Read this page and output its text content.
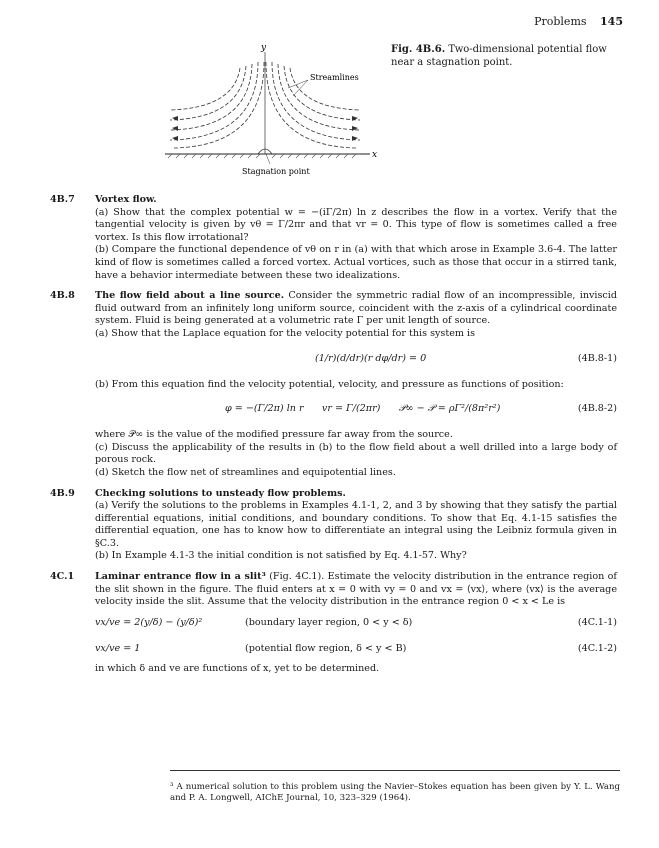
Problems 145
y
x
Streamlines
Stagnation point
Fig. 4B.6. Two-dimensional potential flow near a stagnation point.
4B.7 Vortex flow.

(a) Show that the complex potential w = −(iΓ/2π) ln z describes the flow in a vortex. Verify that the tangential velocity is given by vθ = Γ/2πr and that vr = 0. This type of flow is sometimes called a free vortex. Is this flow irrotational?

(b) Compare the functional dependence of vθ on r in (a) with that which arose in Example 3.6-4. The latter kind of flow is sometimes called a forced vortex. Actual vortices, such as those that occur in a stirred tank, have a behavior intermediate between these two idealizations.

4B.8 The flow field about a line source. Consider the symmetric radial flow of an incompressible, inviscid fluid outward from an infinitely long uniform source, coincident with the z-axis of a cylindrical coordinate system. Fluid is being generated at a volumetric rate Γ per unit length of source.

(a) Show that the Laplace equation for the velocity potential for this system is

(1/r)(d/dr)(r dφ/dr) = 0	(4B.8-1)

(b) From this equation find the velocity potential, velocity, and pressure as functions of position:

φ = −(Γ/2π) ln r      vr = Γ/(2πr)      𝒫∞ − 𝒫 = ρΓ²/(8π²r²)	(4B.8-2)

where 𝒫∞ is the value of the modified pressure far away from the source.

(c) Discuss the applicability of the results in (b) to the flow field about a well drilled into a large body of porous rock.

(d) Sketch the flow net of streamlines and equipotential lines.

4B.9 Checking solutions to unsteady flow problems.

(a) Verify the solutions to the problems in Examples 4.1-1, 2, and 3 by showing that they satisfy the partial differential equations, initial conditions, and boundary conditions. To show that Eq. 4.1-15 satisfies the differential equation, one has to know how to differentiate an integral using the Leibniz formula given in §C.3.

(b) In Example 4.1-3 the initial condition is not satisfied by Eq. 4.1-57. Why?

4C.1 Laminar entrance flow in a slit³ (Fig. 4C.1). Estimate the velocity distribution in the entrance region of the slit shown in the figure. The fluid enters at x = 0 with vy = 0 and vx = ⟨vx⟩, where ⟨vx⟩ is the average velocity inside the slit. Assume that the velocity distribution in the entrance region 0 < x < Le is

vx/ve = 2(y/δ) − (y/δ)²	(boundary layer region, 0 < y < δ)	(4C.1-1)
vx/ve = 1	(potential flow region, δ < y < B)	(4C.1-2)

in which δ and ve are functions of x, yet to be determined.

³ A numerical solution to this problem using the Navier–Stokes equation has been given by Y. L. Wang and P. A. Longwell, AIChE Journal, 10, 323–329 (1964).
